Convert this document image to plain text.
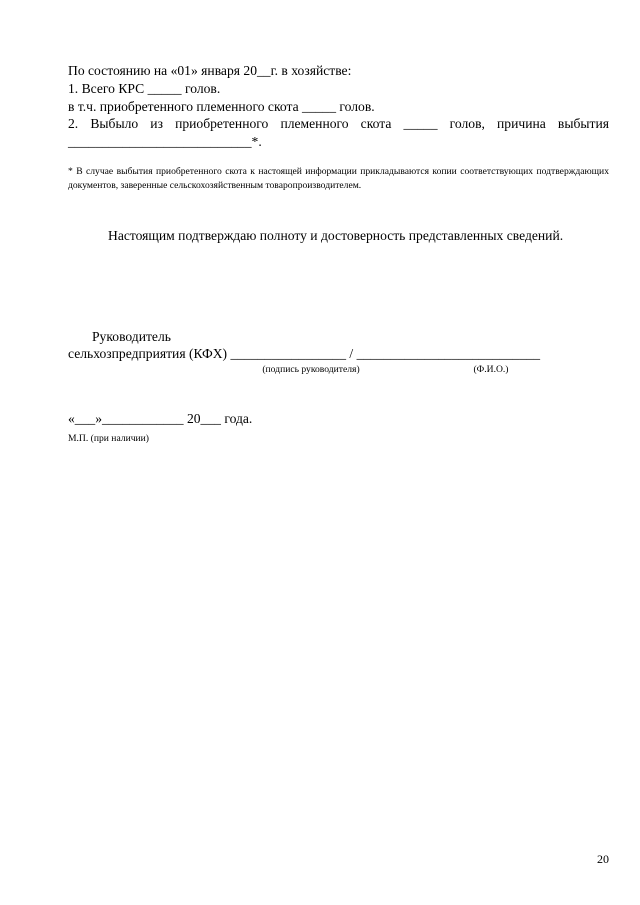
По состоянию на «01» января 20__г. в хозяйстве:
1. Всего КРС _____ голов.
в т.ч. приобретенного племенного скота _____ голов.
2. Выбыло из приобретенного племенного скота _____ голов, причина выбытия ___________________________*.
* В случае выбытия приобретенного скота к настоящей информации прикладываются копии соответствующих подтверждающих документов, заверенные сельскохозяйственным товаропроизводителем.
Настоящим подтверждаю полноту и достоверность представленных сведений.
Руководитель
сельхозпредприятия (КФХ) _________________ / ___________________________
(подпись руководителя)	(Ф.И.О.)
«___»____________ 20___ года.
М.П. (при наличии)
20
